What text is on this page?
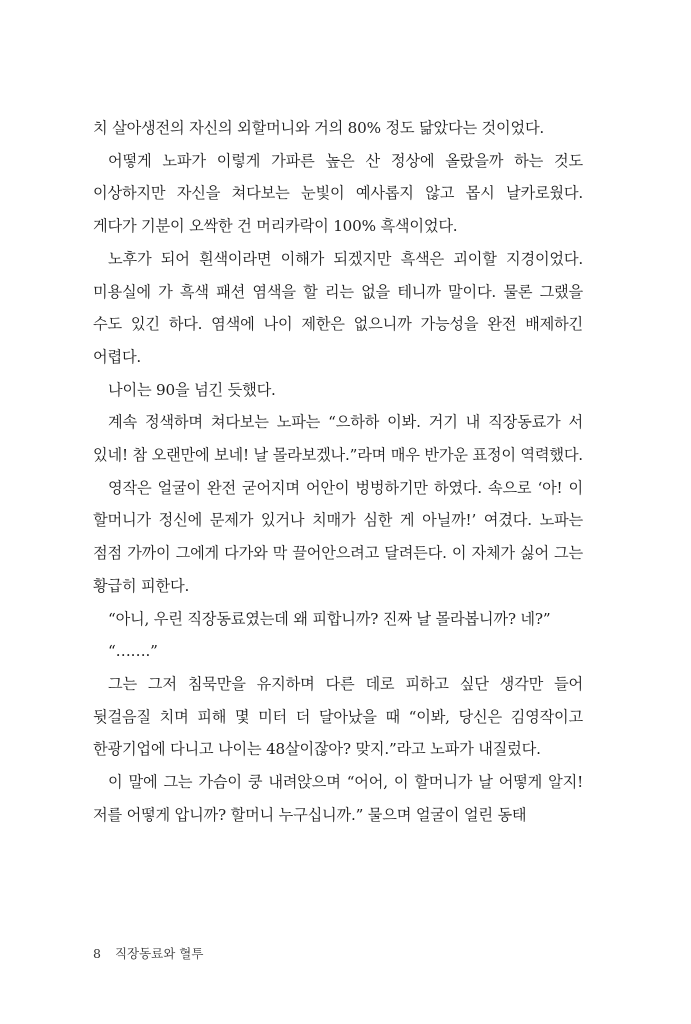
치 살아생전의 자신의 외할머니와 거의 80% 정도 닮았다는 것이었다.

어떻게 노파가 이렇게 가파른 높은 산 정상에 올랐을까 하는 것도 이상하지만 자신을 쳐다보는 눈빛이 예사롭지 않고 몹시 날카로웠다. 게다가 기분이 오싹한 건 머리카락이 100% 흑색이었다.

노후가 되어 흰색이라면 이해가 되겠지만 흑색은 괴이할 지경이었다. 미용실에 가 흑색 패션 염색을 할 리는 없을 테니까 말이다. 물론 그랬을 수도 있긴 하다. 염색에 나이 제한은 없으니까 가능성을 완전 배제하긴 어렵다.

나이는 90을 넘긴 듯했다.

계속 정색하며 쳐다보는 노파는 “으하하 이봐. 거기 내 직장동료가 서 있네! 참 오랜만에 보네! 날 몰라보겠나.”라며 매우 반가운 표정이 역력했다.

영작은 얼굴이 완전 굳어지며 어안이 벙벙하기만 하였다. 속으로 ‘아! 이 할머니가 정신에 문제가 있거나 치매가 심한 게 아닐까!’ 여겼다. 노파는 점점 가까이 그에게 다가와 막 끌어안으려고 달려든다. 이 자체가 싫어 그는 황급히 피한다.

“아니, 우린 직장동료였는데 왜 피합니까? 진짜 날 몰라봅니까? 네?”

“…….”

그는 그저 침묵만을 유지하며 다른 데로 피하고 싶단 생각만 들어 뒷걸음질 치며 피해 몇 미터 더 달아났을 때 “이봐, 당신은 김영작이고 한광기업에 다니고 나이는 48살이잖아? 맞지.”라고 노파가 내질렀다.

이 말에 그는 가슴이 쿵 내려앉으며 “어어, 이 할머니가 날 어떻게 알지! 저를 어떻게 압니까? 할머니 누구십니까.” 물으며 얼굴이 얼린 동태

8 직장동료와 혈투
